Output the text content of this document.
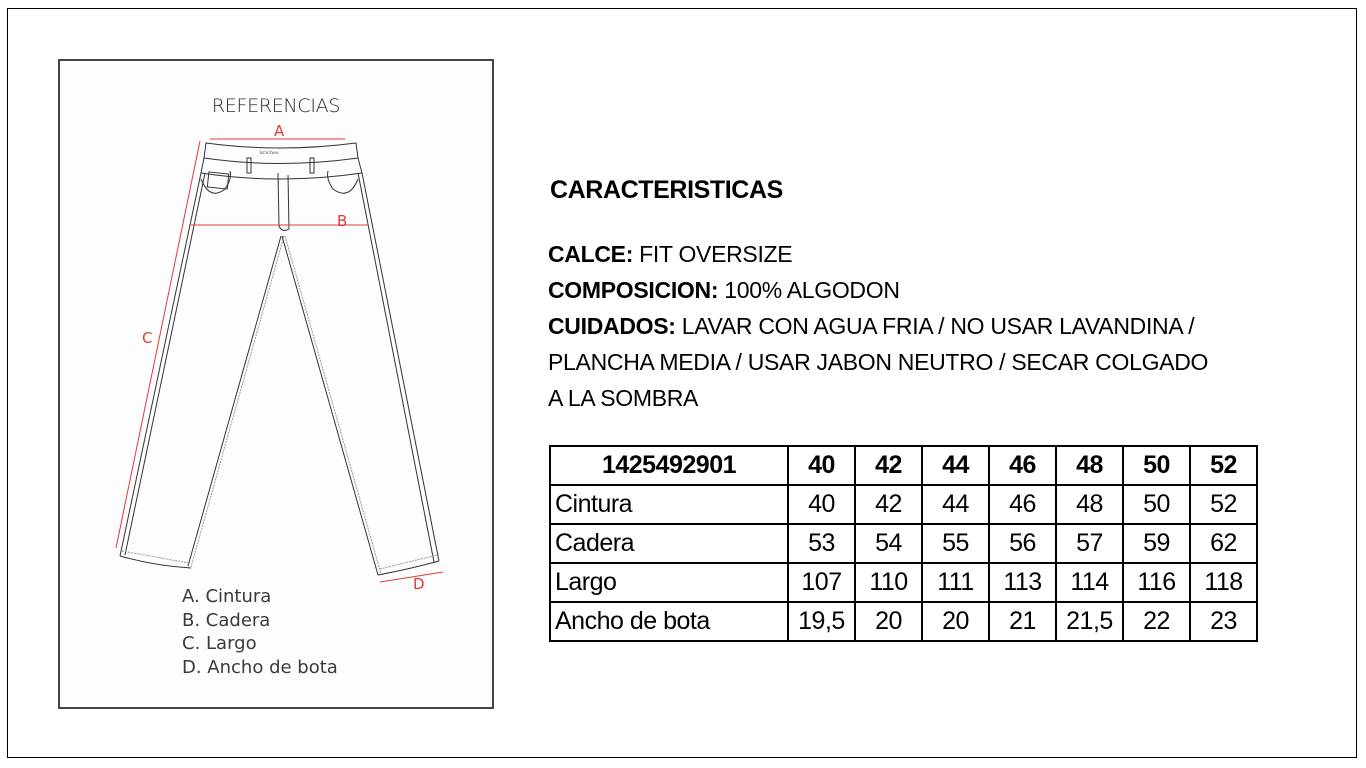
REFERENCIAS
A
B
C
D
kriches
A. Cintura
B. Cadera
C. Largo
D. Ancho de bota
CARACTERISTICAS
CALCE: FIT OVERSIZE
COMPOSICION: 100% ALGODON
CUIDADOS: LAVAR CON AGUA FRIA / NO USAR LAVANDINA /
PLANCHA MEDIA / USAR JABON NEUTRO / SECAR COLGADO
A LA SOMBRA
1425492901	40	42	44	46	48	50	52
Cintura	40	42	44	46	48	50	52
Cadera	53	54	55	56	57	59	62
Largo	107	110	111	113	114	116	118
Ancho de bota	19,5	20	20	21	21,5	22	23
